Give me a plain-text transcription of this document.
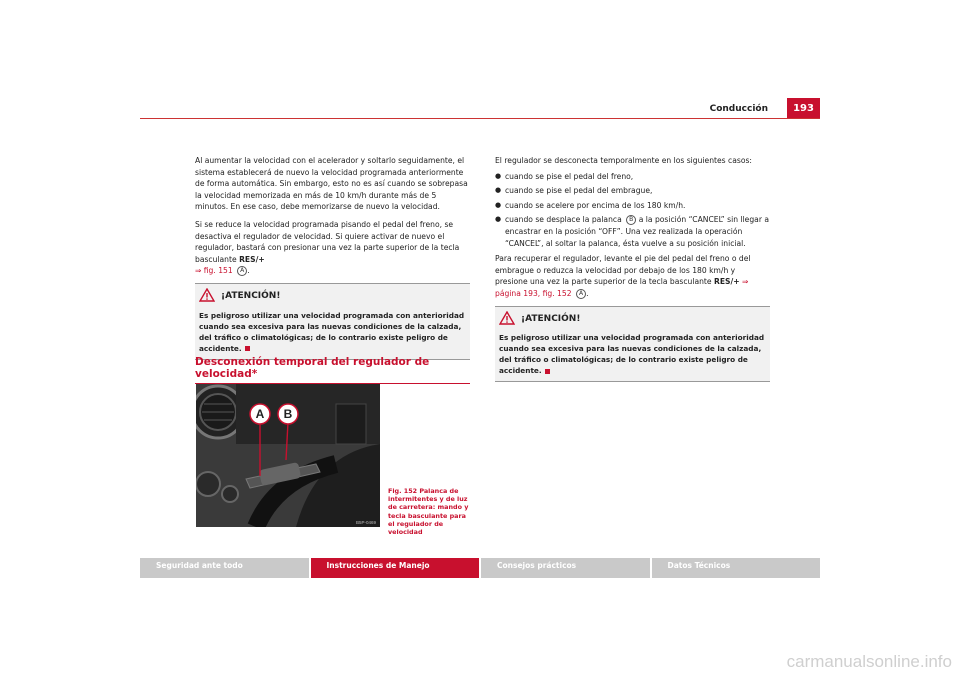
Conducción	193

Al aumentar la velocidad con el acelerador y soltarlo seguidamente, el sistema establecerá de nuevo la velocidad programada anteriormente de forma automática. Sin embargo, esto no es así cuando se sobrepasa la velocidad memorizada en más de 10 km/h durante más de 5 minutos. En ese caso, debe memorizarse de nuevo la velocidad.

Si se reduce la velocidad programada pisando el pedal del freno, se desactiva el regulador de velocidad. Si quiere activar de nuevo el regulador, bastará con presionar una vez la parte superior de la tecla basculante RES/+
⇒ fig. 151 A .

¡ATENCIÓN!
Es peligroso utilizar una velocidad programada con anterioridad cuando sea excesiva para las nuevas condiciones de la calzada, del tráfico o climatológicas; de lo contrario existe peligro de accidente.
Desconexión temporal del regulador de velocidad*
A B
B5P-0469
Fig. 152 Palanca de intermitentes y de luz de carretera: mando y tecla basculante para el regulador de velocidad

El regulador se desconecta temporalmente en los siguientes casos:

● cuando se pise el pedal del freno,
● cuando se pise el pedal del embrague,
● cuando se acelere por encima de los 180 km/h.
● cuando se desplace la palanca B a la posición “CANCEL” sin llegar a encastrar en la posición “OFF”. Una vez realizada la operación “CANCEL”, al soltar la palanca, ésta vuelve a su posición inicial.

Para recuperar el regulador, levante el pie del pedal del freno o del embrague o reduzca la velocidad por debajo de los 180 km/h y presione una vez la parte superior de la tecla basculante RES/+ ⇒ página 193, fig. 152 A .

¡ATENCIÓN!
Es peligroso utilizar una velocidad programada con anterioridad cuando sea excesiva para las nuevas condiciones de la calzada, del tráfico o climatológicas; de lo contrario existe peligro de accidente.
Seguridad ante todo	Instrucciones de Manejo	Consejos prácticos	Datos Técnicos
carmanualsonline.info
